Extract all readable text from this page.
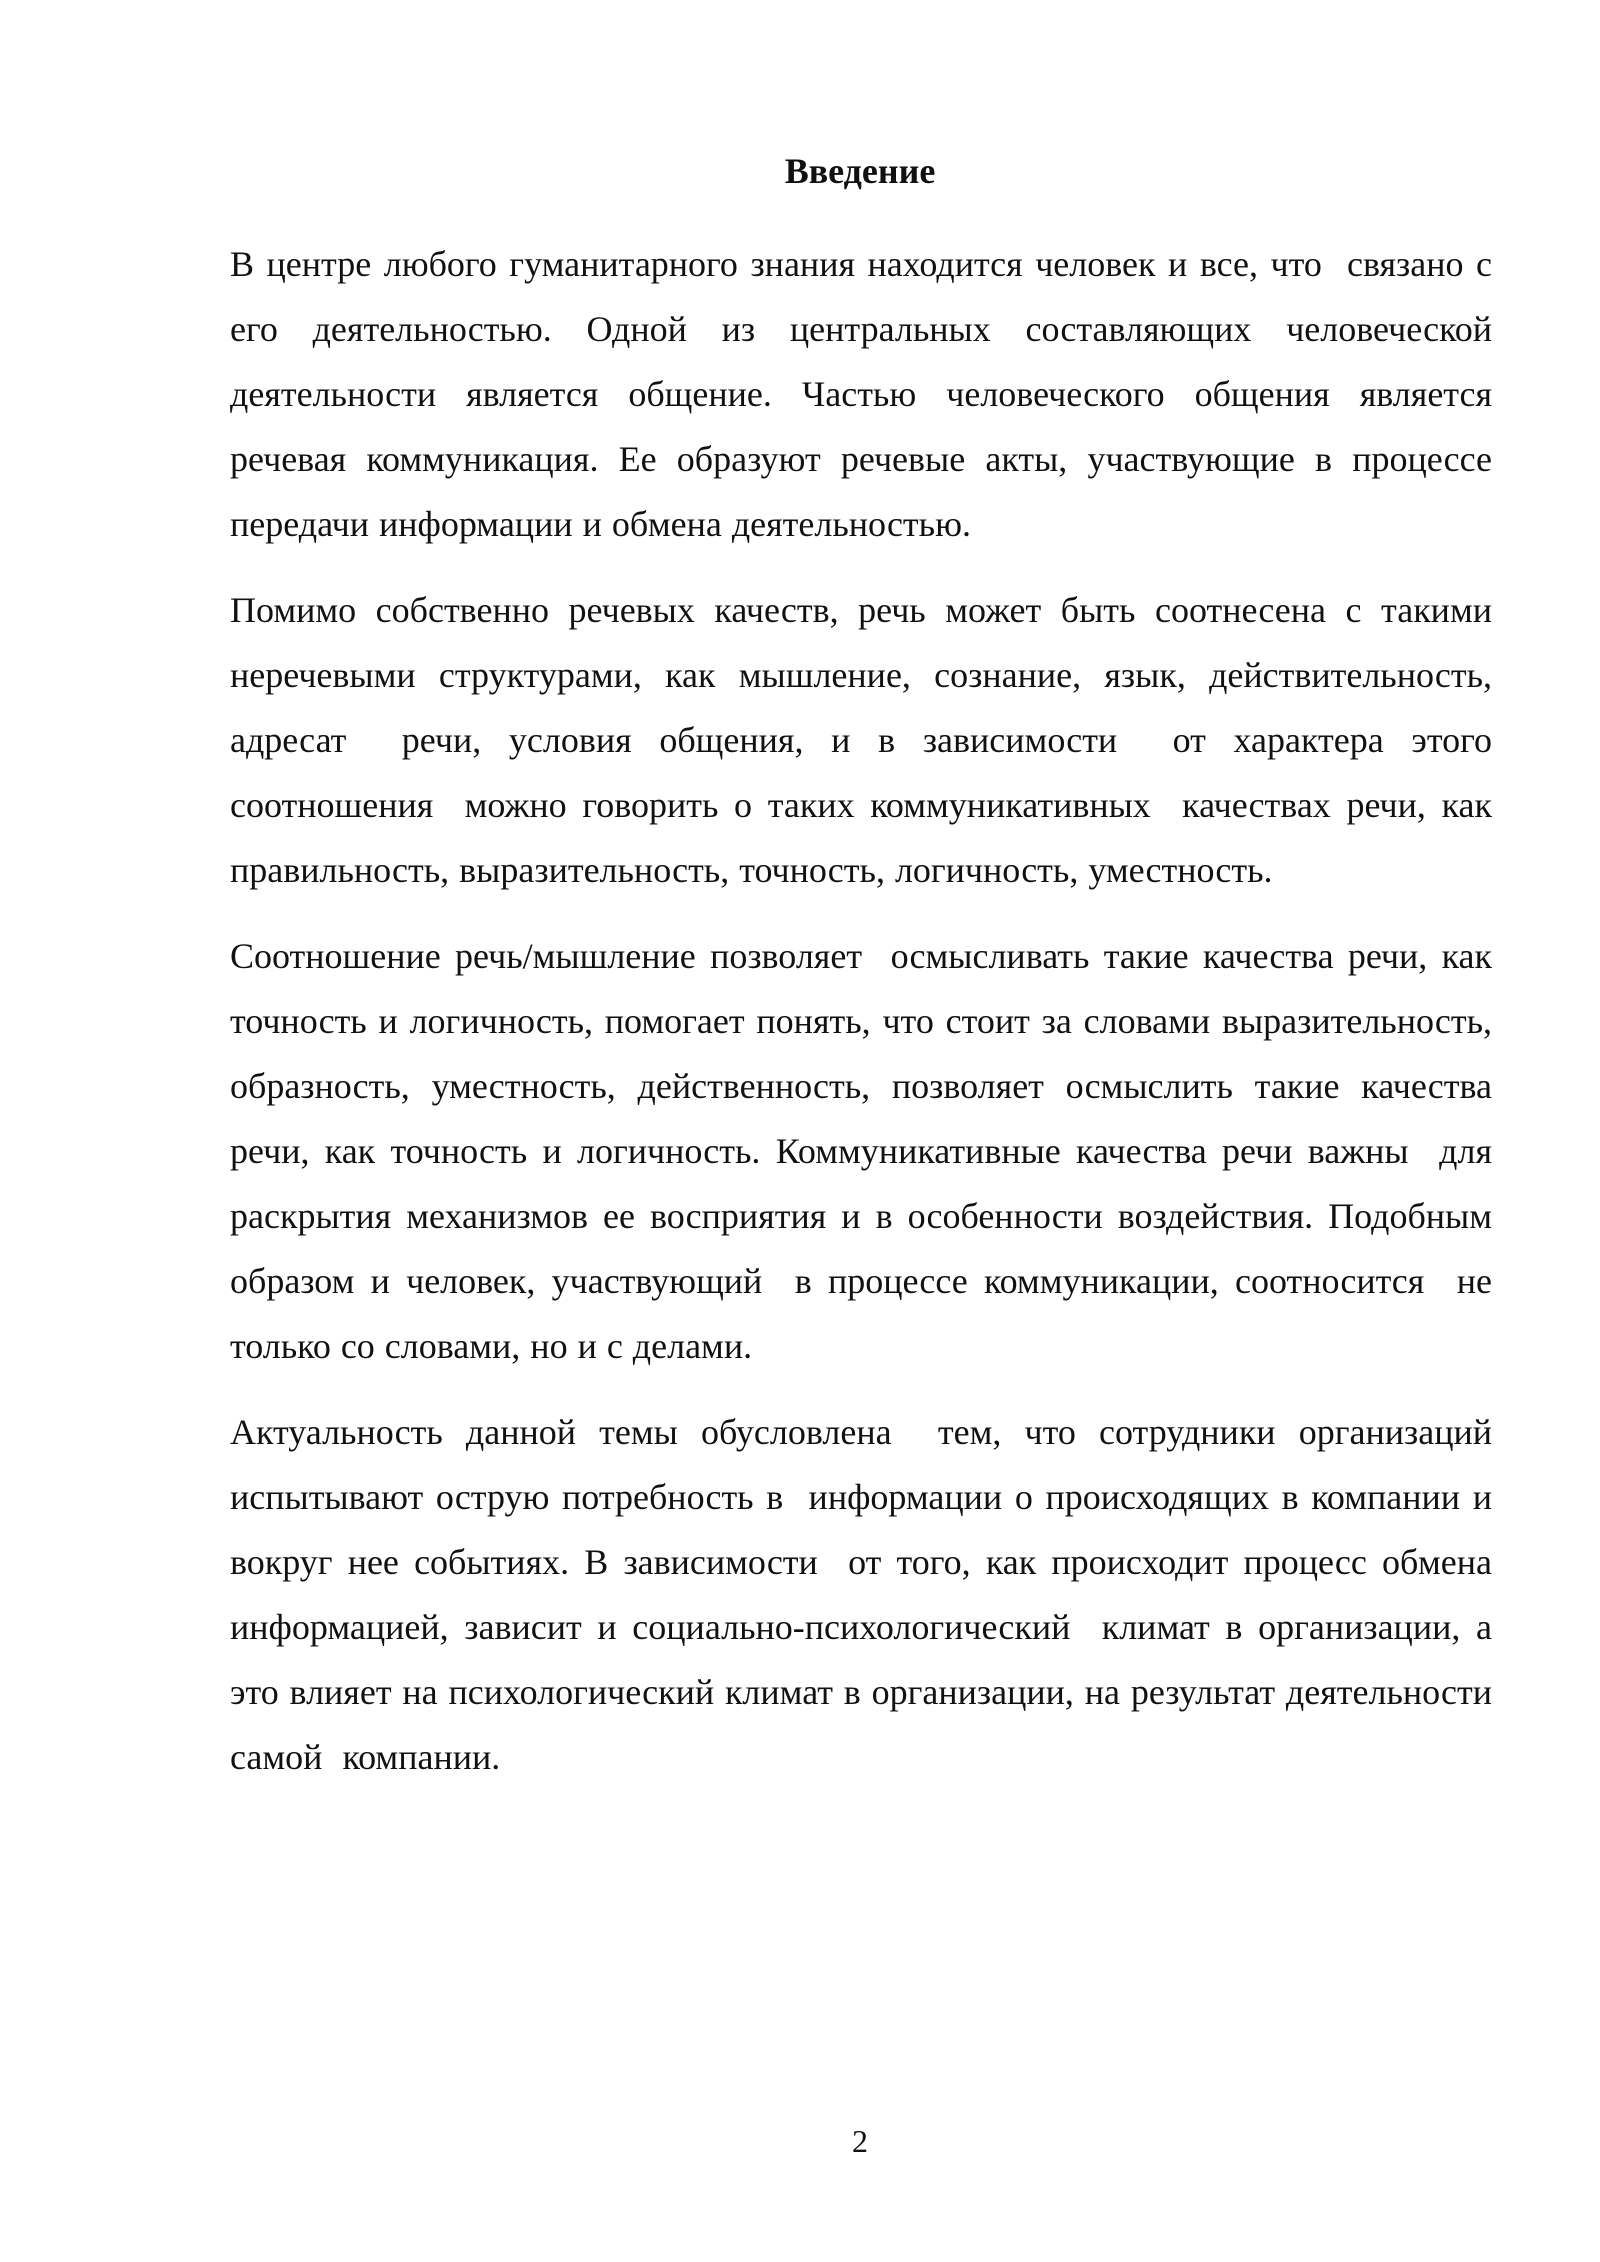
Введение

В центре любого гуманитарного знания находится человек и все, что  связано с его деятельностью. Одной из центральных составляющих человеческой деятельности является общение. Частью человеческого общения является речевая коммуникация. Ее образуют речевые акты, участвующие в процессе передачи информации и обмена деятельностью.

Помимо собственно речевых качеств, речь может быть соотнесена с такими неречевыми структурами, как мышление, сознание, язык, действительность, адресат  речи, условия общения, и в зависимости  от характера этого соотношения  можно говорить о таких коммуникативных  качествах речи, как правильность, выразительность, точность, логичность, уместность.

Соотношение речь/мышление позволяет  осмысливать такие качества речи, как точность и логичность, помогает понять, что стоит за словами выразительность, образность, уместность, действенность, позволяет осмыслить такие качества речи, как точность и логичность. Коммуникативные качества речи важны  для раскрытия механизмов ее восприятия и в особенности воздействия. Подобным образом и человек, участвующий  в процессе коммуникации, соотносится  не только со словами, но и с делами.

Актуальность данной темы обусловлена  тем, что сотрудники организаций испытывают острую потребность в  информации о происходящих в компании и вокруг нее событиях. В зависимости  от того, как происходит процесс обмена информацией, зависит и социально-психологический  климат в организации, а это влияет на психологический климат в организации, на результат деятельности самой  компании.

2
